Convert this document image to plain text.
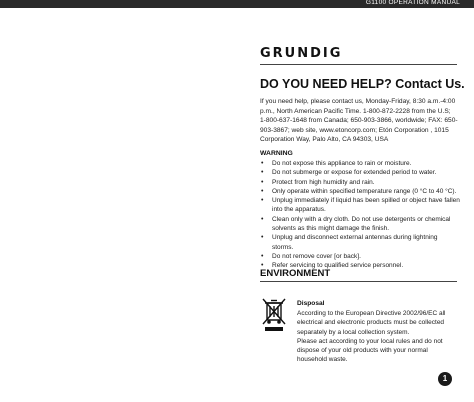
G1100 OPERATION MANUAL
GRUNDIG
DO YOU NEED HELP? Contact Us.
If you need help, please contact us, Monday-Friday, 8:30 a.m.-4:00 p.m., North American Pacific Time. 1-800-872-2228 from the U.S; 1-800-637-1648 from Canada; 650-903-3866, worldwide; FAX: 650-903-3867; web site, www.etoncorp.com; Etón Corporation , 1015 Corporation Way, Palo Alto, CA 94303, USA
WARNING
• Do not expose this appliance to rain or moisture.
• Do not submerge or expose for extended period to water.
• Protect from high humidity and rain.
• Only operate within specified temperature range (0 °C to 40 °C).
• Unplug immediately if liquid has been spilled or object have fallen into the apparatus.
• Clean only with a dry cloth. Do not use detergents or chemical solvents as this might damage the finish.
• Unplug and disconnect external antennas during lightning storms.
• Do not remove cover [or back].
• Refer servicing to qualified service personnel.
ENVIRONMENT
Disposal
According to the European Directive 2002/96/EC all electrical and electronic products must be collected separately by a local collection system.
Please act according to your local rules and do not dispose of your old products with your normal household waste.
1
